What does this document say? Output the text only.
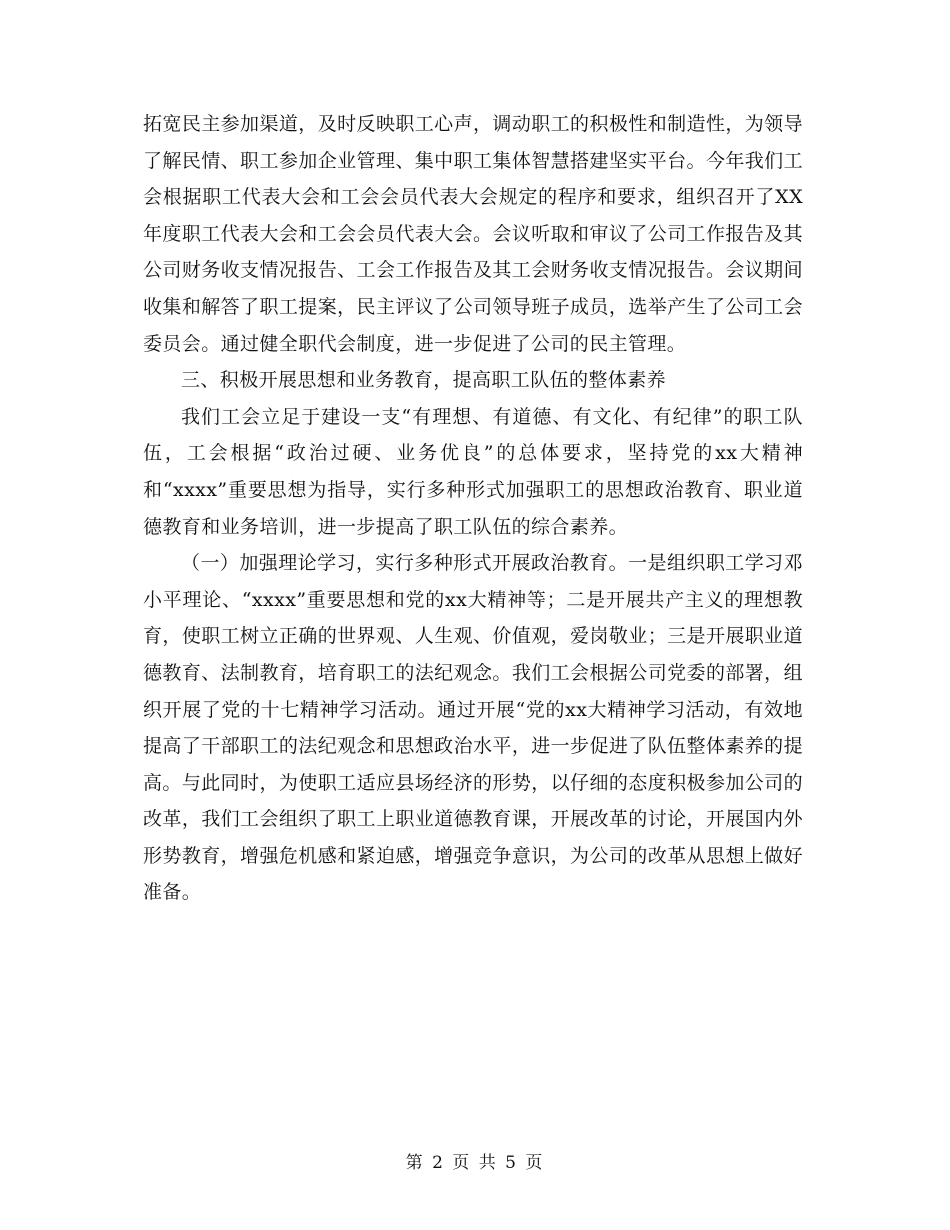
拓宽民主参加渠道，及时反映职工心声，调动职工的积极性和制造性，为领导了解民情、职工参加企业管理、集中职工集体智慧搭建坚实平台。今年我们工会根据职工代表大会和工会会员代表大会规定的程序和要求，组织召开了XX年度职工代表大会和工会会员代表大会。会议听取和审议了公司工作报告及其公司财务收支情况报告、工会工作报告及其工会财务收支情况报告。会议期间收集和解答了职工提案，民主评议了公司领导班子成员，选举产生了公司工会委员会。通过健全职代会制度，进一步促进了公司的民主管理。

三、积极开展思想和业务教育，提高职工队伍的整体素养

我们工会立足于建设一支“有理想、有道德、有文化、有纪律”的职工队伍，工会根据“政治过硬、业务优良”的总体要求，坚持党的xx大精神和“xxxx”重要思想为指导，实行多种形式加强职工的思想政治教育、职业道德教育和业务培训，进一步提高了职工队伍的综合素养。

（一）加强理论学习，实行多种形式开展政治教育。一是组织职工学习邓小平理论、“xxxx”重要思想和党的xx大精神等；二是开展共产主义的理想教育，使职工树立正确的世界观、人生观、价值观，爱岗敬业；三是开展职业道德教育、法制教育，培育职工的法纪观念。我们工会根据公司党委的部署，组织开展了党的十七精神学习活动。通过开展“党的xx大精神学习活动，有效地提高了干部职工的法纪观念和思想政治水平，进一步促进了队伍整体素养的提高。与此同时，为使职工适应县场经济的形势，以仔细的态度积极参加公司的改革，我们工会组织了职工上职业道德教育课，开展改革的讨论，开展国内外形势教育，增强危机感和紧迫感，增强竞争意识，为公司的改革从思想上做好准备。

第 2 页 共 5 页
